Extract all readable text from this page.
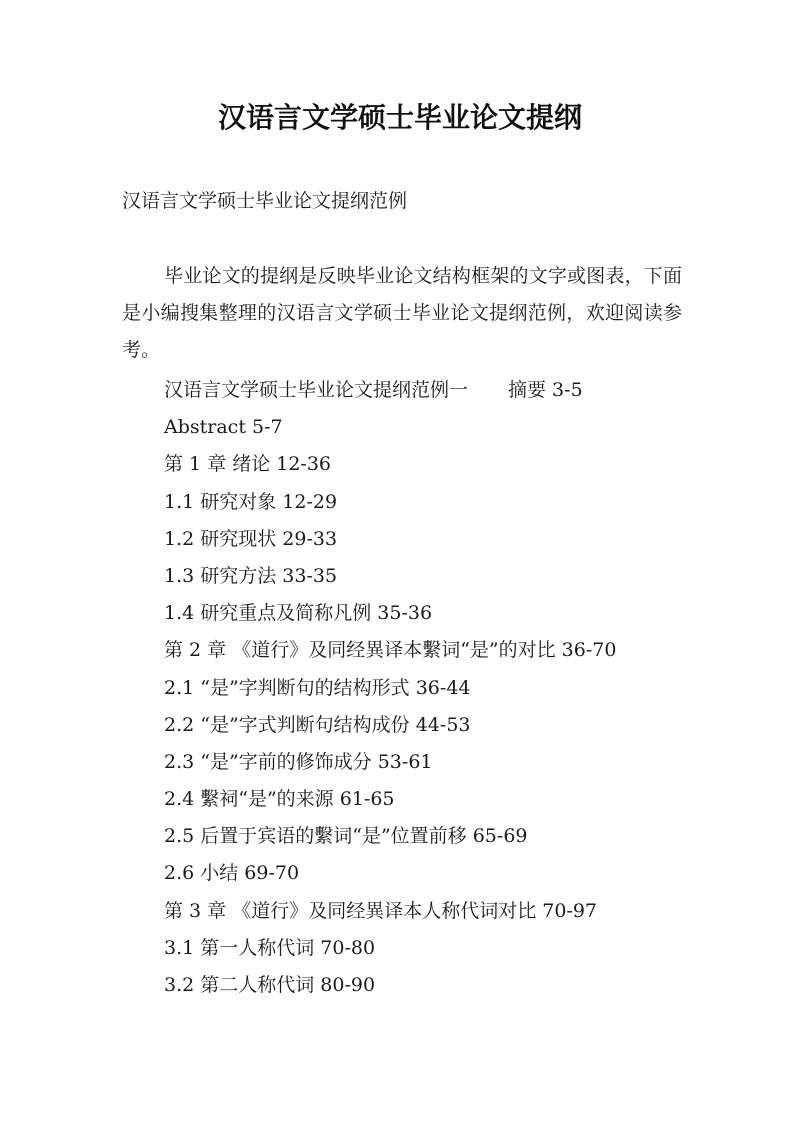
汉语言文学硕士毕业论文提纲

汉语言文学硕士毕业论文提纲范例

毕业论文的提纲是反映毕业论文结构框架的文字或图表，下面是小编搜集整理的汉语言文学硕士毕业论文提纲范例，欢迎阅读参考。

汉语言文学硕士毕业论文提纲范例一 摘要 3-5
Abstract 5-7
第 1 章 绪论 12-36
1.1 研究对象 12-29
1.2 研究现状 29-33
1.3 研究方法 33-35
1.4 研究重点及简称凡例 35-36
第 2 章 《道行》及同经異译本繫词“是”的对比 36-70
2.1 “是”字判断句的结构形式 36-44
2.2 “是”字式判断句结构成份 44-53
2.3 “是”字前的修饰成分 53-61
2.4 繫祠“是”的来源 61-65
2.5 后置于宾语的繫词“是”位置前移 65-69
2.6 小结 69-70
第 3 章 《道行》及同经異译本人称代词对比 70-97
3.1 第一人称代词 70-80
3.2 第二人称代词 80-90
